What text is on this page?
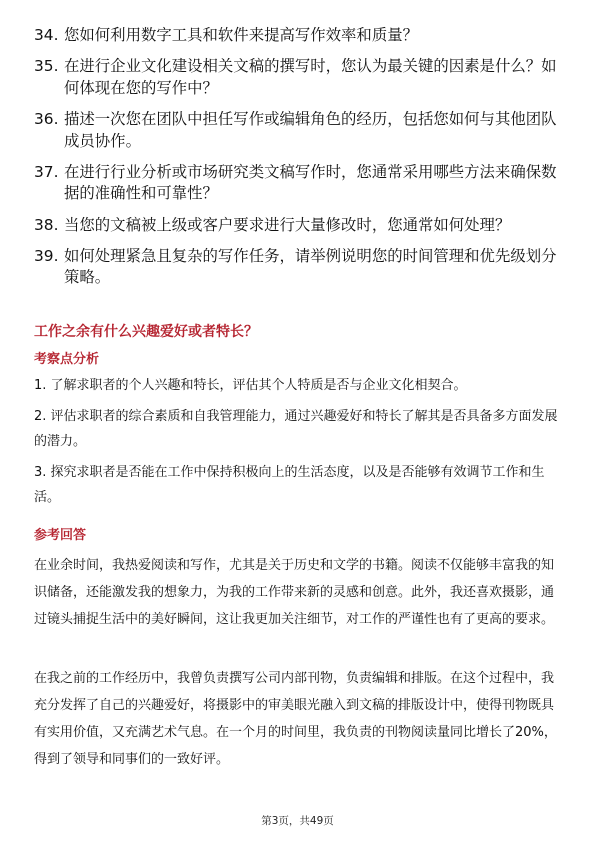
34. 您如何利用数字工具和软件来提高写作效率和质量？
35. 在进行企业文化建设相关文稿的撰写时，您认为最关键的因素是什么？如何体现在您的写作中？
36. 描述一次您在团队中担任写作或编辑角色的经历，包括您如何与其他团队成员协作。
37. 在进行行业分析或市场研究类文稿写作时，您通常采用哪些方法来确保数据的准确性和可靠性？
38. 当您的文稿被上级或客户要求进行大量修改时，您通常如何处理？
39. 如何处理紧急且复杂的写作任务，请举例说明您的时间管理和优先级划分策略。
工作之余有什么兴趣爱好或者特长？
考察点分析
1. 了解求职者的个人兴趣和特长，评估其个人特质是否与企业文化相契合。
2. 评估求职者的综合素质和自我管理能力，通过兴趣爱好和特长了解其是否具备多方面发展的潜力。
3. 探究求职者是否能在工作中保持积极向上的生活态度，以及是否能够有效调节工作和生活。
参考回答

在业余时间，我热爱阅读和写作，尤其是关于历史和文学的书籍。阅读不仅能够丰富我的知识储备，还能激发我的想象力，为我的工作带来新的灵感和创意。此外，我还喜欢摄影，通过镜头捕捉生活中的美好瞬间，这让我更加关注细节，对工作的严谨性也有了更高的要求。

在我之前的工作经历中，我曾负责撰写公司内部刊物，负责编辑和排版。在这个过程中，我充分发挥了自己的兴趣爱好，将摄影中的审美眼光融入到文稿的排版设计中，使得刊物既具有实用价值，又充满艺术气息。在一个月的时间里，我负责的刊物阅读量同比增长了20%，得到了领导和同事们的一致好评。

第3页，共49页
